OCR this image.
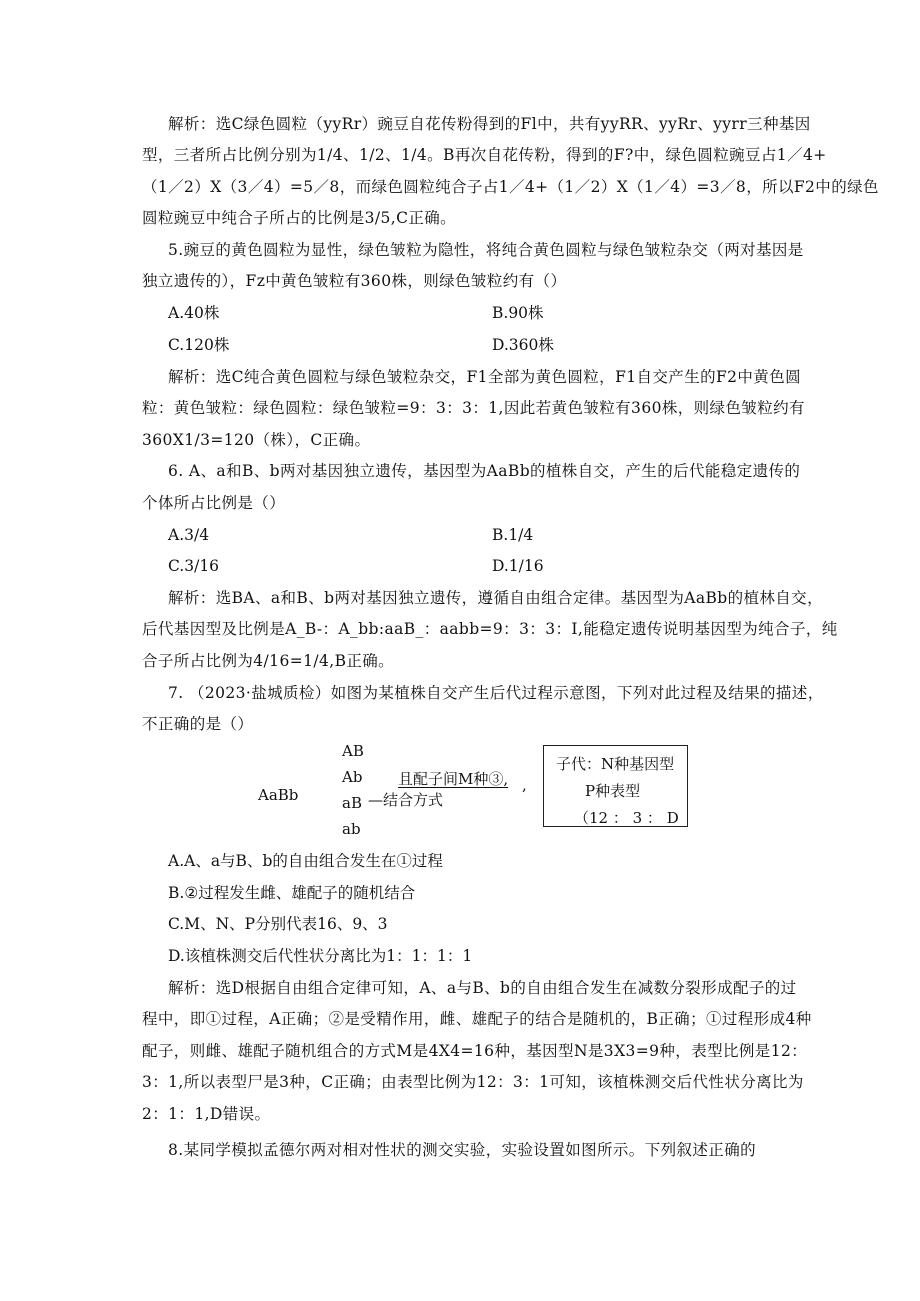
解析：选C绿色圆粒（yyRr）豌豆自花传粉得到的Fl中，共有yyRR、yyRr、yyrr三种基因
型，三者所占比例分别为1/4、1/2、1/4。B再次自花传粉，得到的F?中，绿色圆粒豌豆占1／4+
（1／2）X（3／4）=5／8，而绿色圆粒纯合子占1／4+（1／2）X（1／4）=3／8，所以F2中的绿色
圆粒豌豆中纯合子所占的比例是3/5,C正确。
5.豌豆的黄色圆粒为显性，绿色皱粒为隐性，将纯合黄色圆粒与绿色皱粒杂交（两对基因是
独立遗传的），Fz中黄色皱粒有360株，则绿色皱粒约有（）
A.40株	B.90株
C.120株	D.360株
解析：选C纯合黄色圆粒与绿色皱粒杂交，F1全部为黄色圆粒，F1自交产生的F2中黄色圆
粒：黄色皱粒：绿色圆粒：绿色皱粒=9：3：3：1,因此若黄色皱粒有360株，则绿色皱粒约有
360X1/3=120（株），C正确。
6. A、a和B、b两对基因独立遗传，基因型为AaBb的植株自交，产生的后代能稳定遗传的
个体所占比例是（）
A.3/4	B.1/4
C.3/16	D.1/16
解析：选BA、a和B、b两对基因独立遗传，遵循自由组合定律。基因型为AaBb的植林自交，
后代基因型及比例是A_B-：A_bb:aaB_：aabb=9：3：3：I,能稳定遗传说明基因型为纯合子，纯
合子所占比例为4/16=1/4,B正确。
7. （2023·盐城质检）如图为某植株自交产生后代过程示意图，下列对此过程及结果的描述，
不正确的是（）
AaBb
AB
Ab
aB
ab
且配子间M种③,
—结合方式
,
子代：N种基因型
P种表型
（12 ： 3 ： D
A.A、a与B、b的自由组合发生在①过程
B.②过程发生雌、雄配子的随机结合
C.M、N、P分别代表16、9、3
D.该植株测交后代性状分离比为1：1：1：1
解析：选D根据自由组合定律可知，A、a与B、b的自由组合发生在减数分裂形成配子的过
程中，即①过程，A正确；②是受精作用，雌、雄配子的结合是随机的，B正确；①过程形成4种
配子，则雌、雄配子随机组合的方式M是4X4=16种，基因型N是3X3=9种，表型比例是12：
3：1,所以表型尸是3种，C正确；由表型比例为12：3：1可知，该植株测交后代性状分离比为
2：1：1,D错误。
8.某同学模拟孟德尔两对相对性状的测交实验，实验设置如图所示。下列叙述正确的
